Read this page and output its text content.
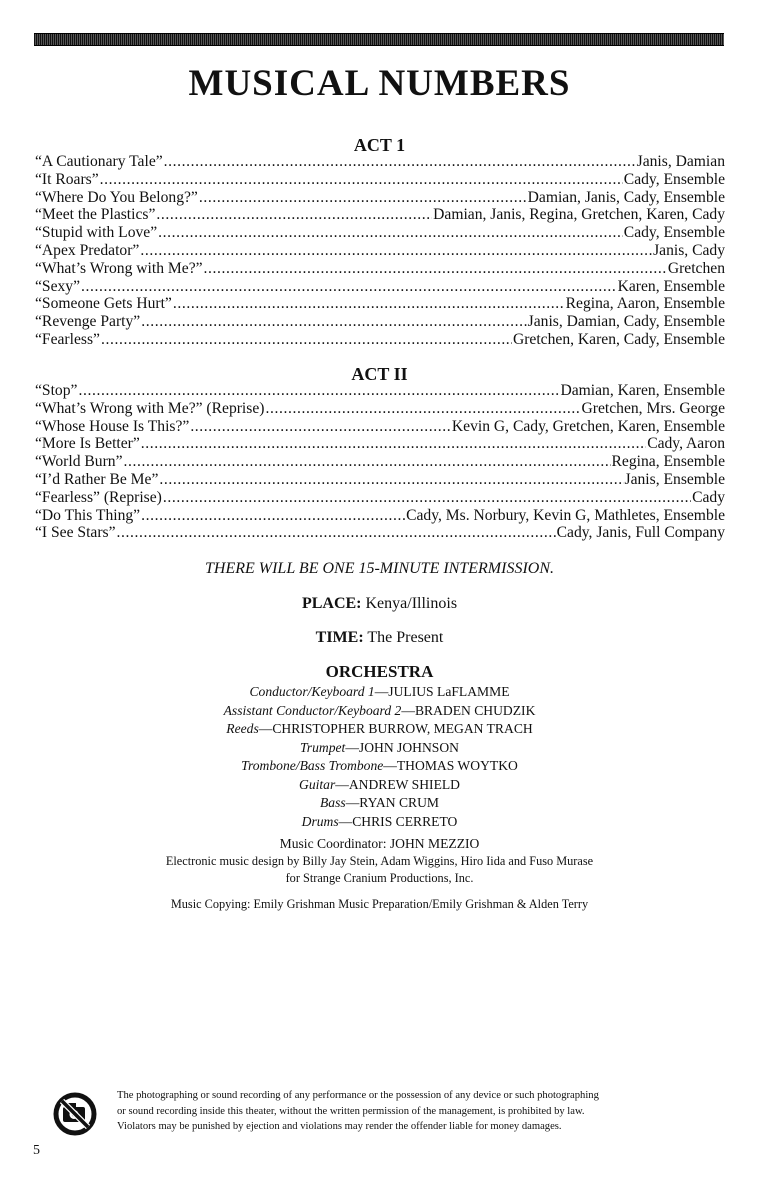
MUSICAL NUMBERS
ACT 1
“A Cautionary Tale” .....	Janis, Damian
“It Roars” .....	Cady, Ensemble
“Where Do You Belong?” .....	Damian, Janis, Cady, Ensemble
“Meet the Plastics” .....	Damian, Janis, Regina, Gretchen, Karen, Cady
“Stupid with Love” .....	Cady, Ensemble
“Apex Predator” .....	Janis, Cady
“What’s Wrong with Me?” .....	Gretchen
“Sexy” .....	Karen, Ensemble
“Someone Gets Hurt” .....	Regina, Aaron, Ensemble
“Revenge Party” .....	Janis, Damian, Cady, Ensemble
“Fearless” .....	Gretchen, Karen, Cady, Ensemble
ACT II
“Stop” .....	Damian, Karen, Ensemble
“What’s Wrong with Me?” (Reprise) .....	Gretchen, Mrs. George
“Whose House Is This?” .....	Kevin G, Cady, Gretchen, Karen, Ensemble
“More Is Better” .....	Cady, Aaron
“World Burn” .....	Regina, Ensemble
“I’d Rather Be Me” .....	Janis, Ensemble
“Fearless” (Reprise) .....	Cady
“Do This Thing” .....	Cady, Ms. Norbury, Kevin G, Mathletes, Ensemble
“I See Stars” .....	Cady, Janis, Full Company
THERE WILL BE ONE 15-MINUTE INTERMISSION.
PLACE: Kenya/Illinois
TIME: The Present
ORCHESTRA
Conductor/Keyboard 1—JULIUS LaFLAMME
Assistant Conductor/Keyboard 2—BRADEN CHUDZIK
Reeds—CHRISTOPHER BURROW, MEGAN TRACH
Trumpet—JOHN JOHNSON
Trombone/Bass Trombone—THOMAS WOYTKO
Guitar—ANDREW SHIELD
Bass—RYAN CRUM
Drums—CHRIS CERRETO
Music Coordinator: JOHN MEZZIO
Electronic music design by Billy Jay Stein, Adam Wiggins, Hiro Iida and Fuso Murase
for Strange Cranium Productions, Inc.
Music Copying: Emily Grishman Music Preparation/Emily Grishman & Alden Terry
The photographing or sound recording of any performance or the possession of any device or such photographing
or sound recording inside this theater, without the written permission of the management, is prohibited by law.
Violators may be punished by ejection and violations may render the offender liable for money damages.
5
